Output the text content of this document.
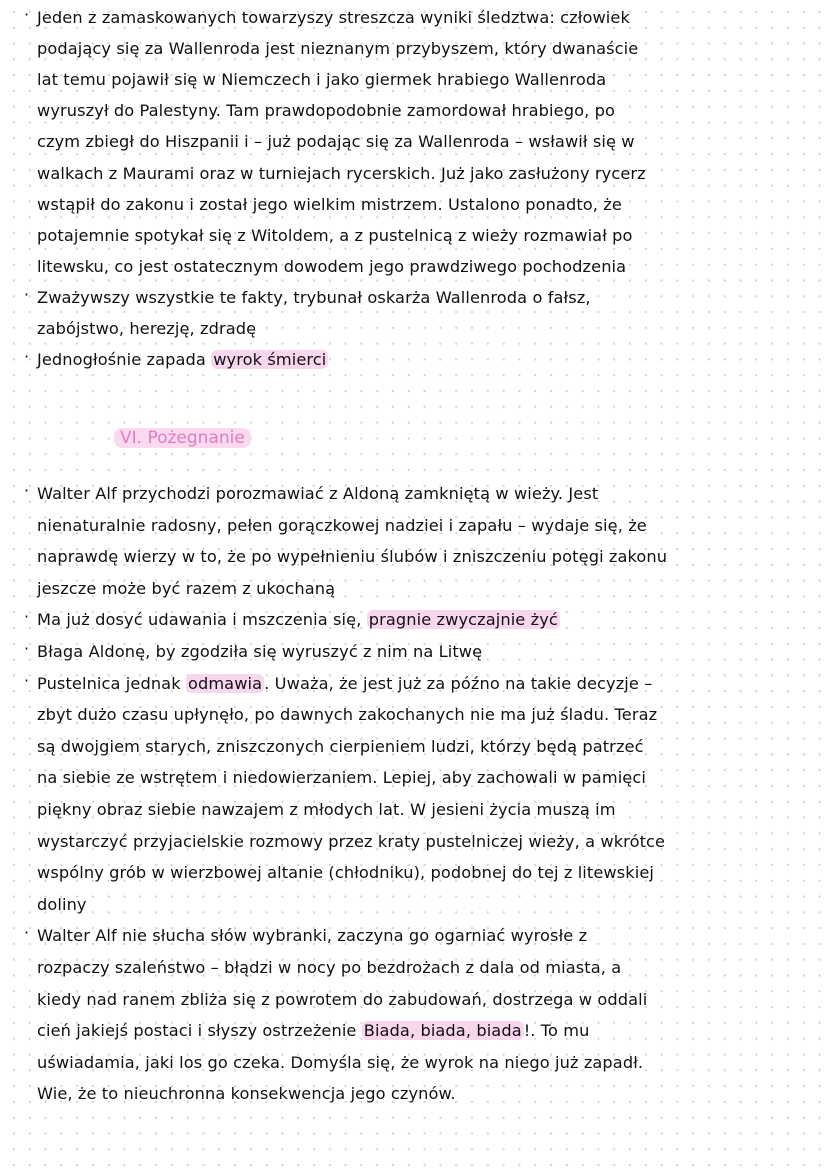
VI. Pożegnanie
· Jeden z zamaskowanych towarzyszy streszcza wyniki śledztwa: człowiek
podający się za Wallenroda jest nieznanym przybyszem, który dwanaście
lat temu pojawił się w Niemczech i jako giermek hrabiego Wallenroda
wyruszył do Palestyny. Tam prawdopodobnie zamordował hrabiego, po
czym zbiegł do Hiszpanii i – już podając się za Wallenroda – wsławił się w
walkach z Maurami oraz w turniejach rycerskich. Już jako zasłużony rycerz
wstąpił do zakonu i został jego wielkim mistrzem. Ustalono ponadto, że
potajemnie spotykał się z Witoldem, a z pustelnicą z wieży rozmawiał po
litewsku, co jest ostatecznym dowodem jego prawdziwego pochodzenia
· Zważywszy wszystkie te fakty, trybunał oskarża Wallenroda o fałsz,
zabójstwo, herezję, zdradę
· Jednogłośnie zapada wyrok śmierci
· Walter Alf przychodzi porozmawiać z Aldoną zamkniętą w wieży. Jest
nienaturalnie radosny, pełen gorączkowej nadziei i zapału – wydaje się, że
naprawdę wierzy w to, że po wypełnieniu ślubów i zniszczeniu potęgi zakonu
jeszcze może być razem z ukochaną
· Ma już dosyć udawania i mszczenia się, pragnie zwyczajnie żyć
· Błaga Aldonę, by zgodziła się wyruszyć z nim na Litwę
· Pustelnica jednak odmawia . Uważa, że jest już za późno na takie decyzje –
zbyt dużo czasu upłynęło, po dawnych zakochanych nie ma już śladu. Teraz
są dwojgiem starych, zniszczonych cierpieniem ludzi, którzy będą patrzeć
na siebie ze wstrętem i niedowierzaniem. Lepiej, aby zachowali w pamięci
piękny obraz siebie nawzajem z młodych lat. W jesieni życia muszą im
wystarczyć przyjacielskie rozmowy przez kraty pustelniczej wieży, a wkrótce
wspólny grób w wierzbowej altanie (chłodniku), podobnej do tej z litewskiej
doliny
· Walter Alf nie słucha słów wybranki, zaczyna go ogarniać wyrosłe z
rozpaczy szaleństwo – błądzi w nocy po bezdrożach z dala od miasta, a
kiedy nad ranem zbliża się z powrotem do zabudowań, dostrzega w oddali
cień jakiejś postaci i słyszy ostrzeżenie Biada, biada, biada !. To mu
uświadamia, jaki los go czeka. Domyśla się, że wyrok na niego już zapadł.
Wie, że to nieuchronna konsekwencja jego czynów.
